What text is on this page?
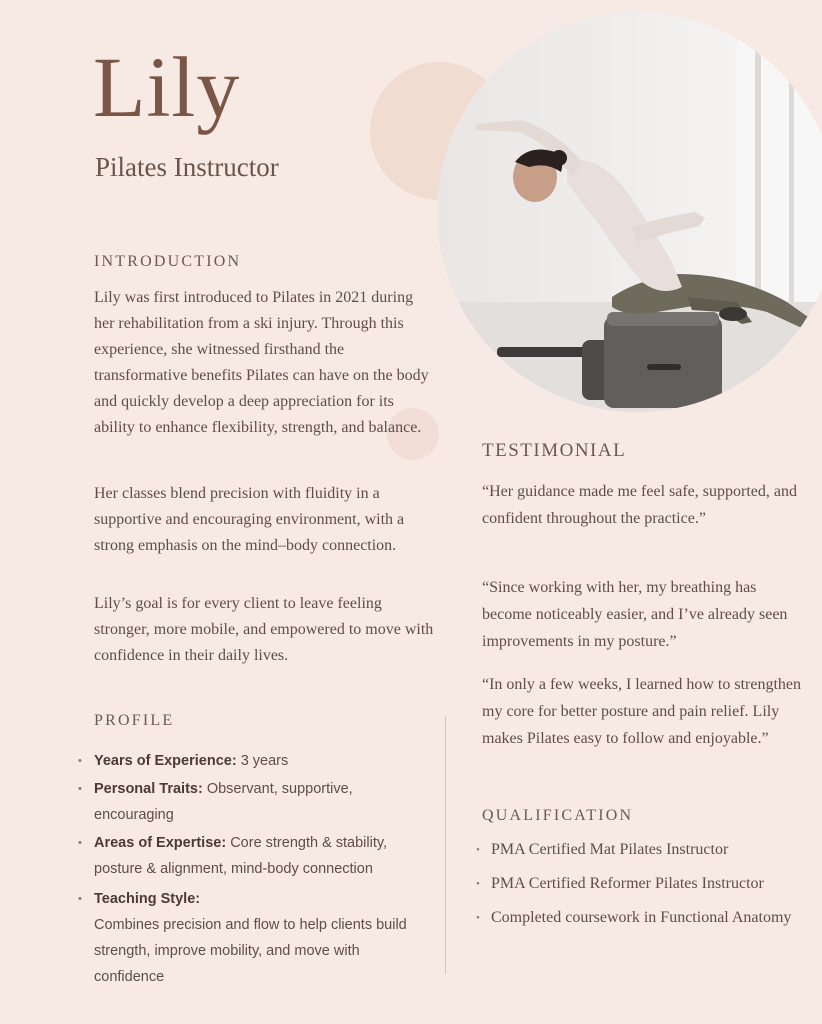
Lily
Pilates Instructor
INTRODUCTION

Lily was first introduced to Pilates in 2021 during her rehabilitation from a ski injury. Through this experience, she witnessed firsthand the transformative benefits Pilates can have on the body and quickly develop a deep appreciation for its ability to enhance flexibility, strength, and balance.

Her classes blend precision with fluidity in a supportive and encouraging environment, with a strong emphasis on the mind–body connection.

Lily’s goal is for every client to leave feeling stronger, more mobile, and empowered to move with confidence in their daily lives.

PROFILE
• Years of Experience: 3 years
• Personal Traits: Observant, supportive, encouraging
• Areas of Expertise: Core strength & stability, posture & alignment, mind-body connection
• Teaching Style:
Combines precision and flow to help clients build strength, improve mobility, and move with confidence
TESTIMONIAL

“Her guidance made me feel safe, supported, and confident throughout the practice.”

“Since working with her, my breathing has become noticeably easier, and I’ve already seen improvements in my posture.”

“In only a few weeks, I learned how to strengthen my core for better posture and pain relief. Lily makes Pilates easy to follow and enjoyable.”

QUALIFICATION
• PMA Certified Mat Pilates Instructor
• PMA Certified Reformer Pilates Instructor
• Completed coursework in Functional Anatomy
